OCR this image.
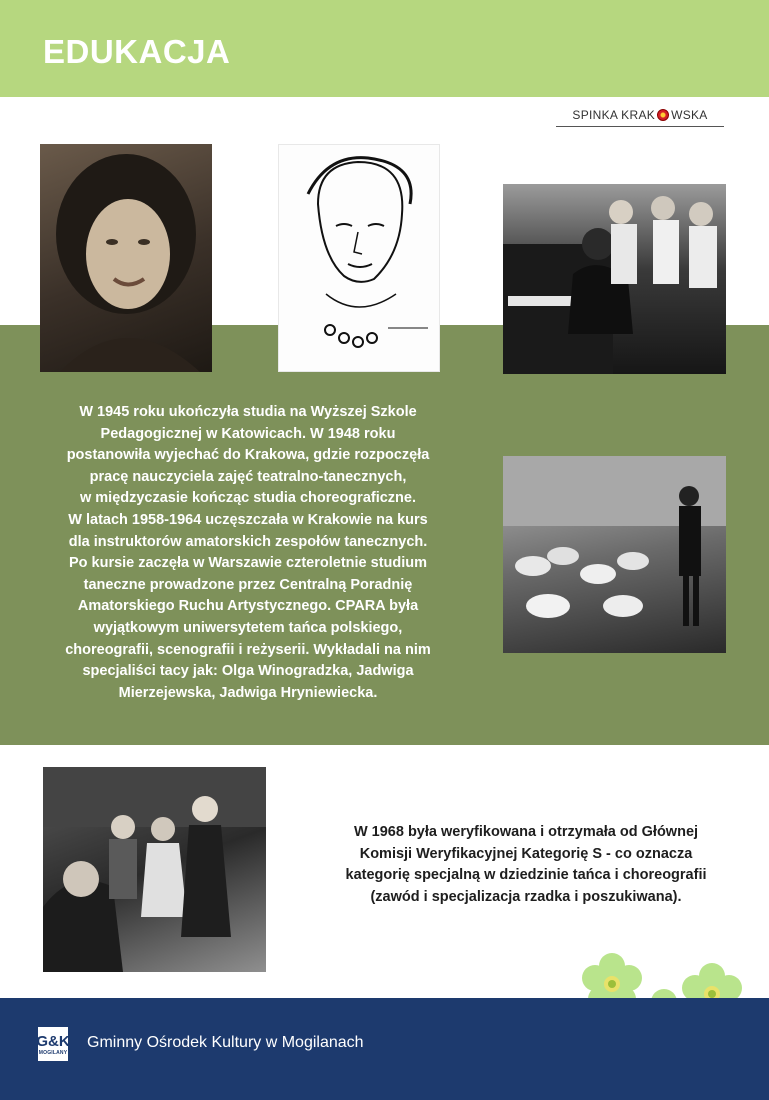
EDUKACJA
SPINKA KRAK WSKA

W 1945 roku ukończyła studia na Wyższej Szkole
Pedagogicznej w Katowicach. W 1948 roku
postanowiła wyjechać do Krakowa, gdzie rozpoczęła
pracę nauczyciela zajęć teatralno-tanecznych,
w międzyczasie kończąc studia choreograficzne.
W latach 1958-1964 uczęszczała w Krakowie na kurs
dla instruktorów amatorskich zespołów tanecznych.
Po kursie zaczęła w Warszawie czteroletnie studium
taneczne prowadzone przez Centralną Poradnię
Amatorskiego Ruchu Artystycznego. CPARA była
wyjątkowym uniwersytetem tańca polskiego,
choreografii, scenografii i reżyserii. Wykładali na nim
specjaliści tacy jak: Olga Winogradzka, Jadwiga
Mierzejewska, Jadwiga Hryniewiecka.

W 1968 była weryfikowana i otrzymała od Głównej
Komisji Weryfikacyjnej Kategorię S - co oznacza
kategorię specjalną w dziedzinie tańca i choreografii
(zawód i specjalizacja rzadka i poszukiwana).

G&K
MOGILANY

Gminny Ośrodek Kultury w Mogilanach
